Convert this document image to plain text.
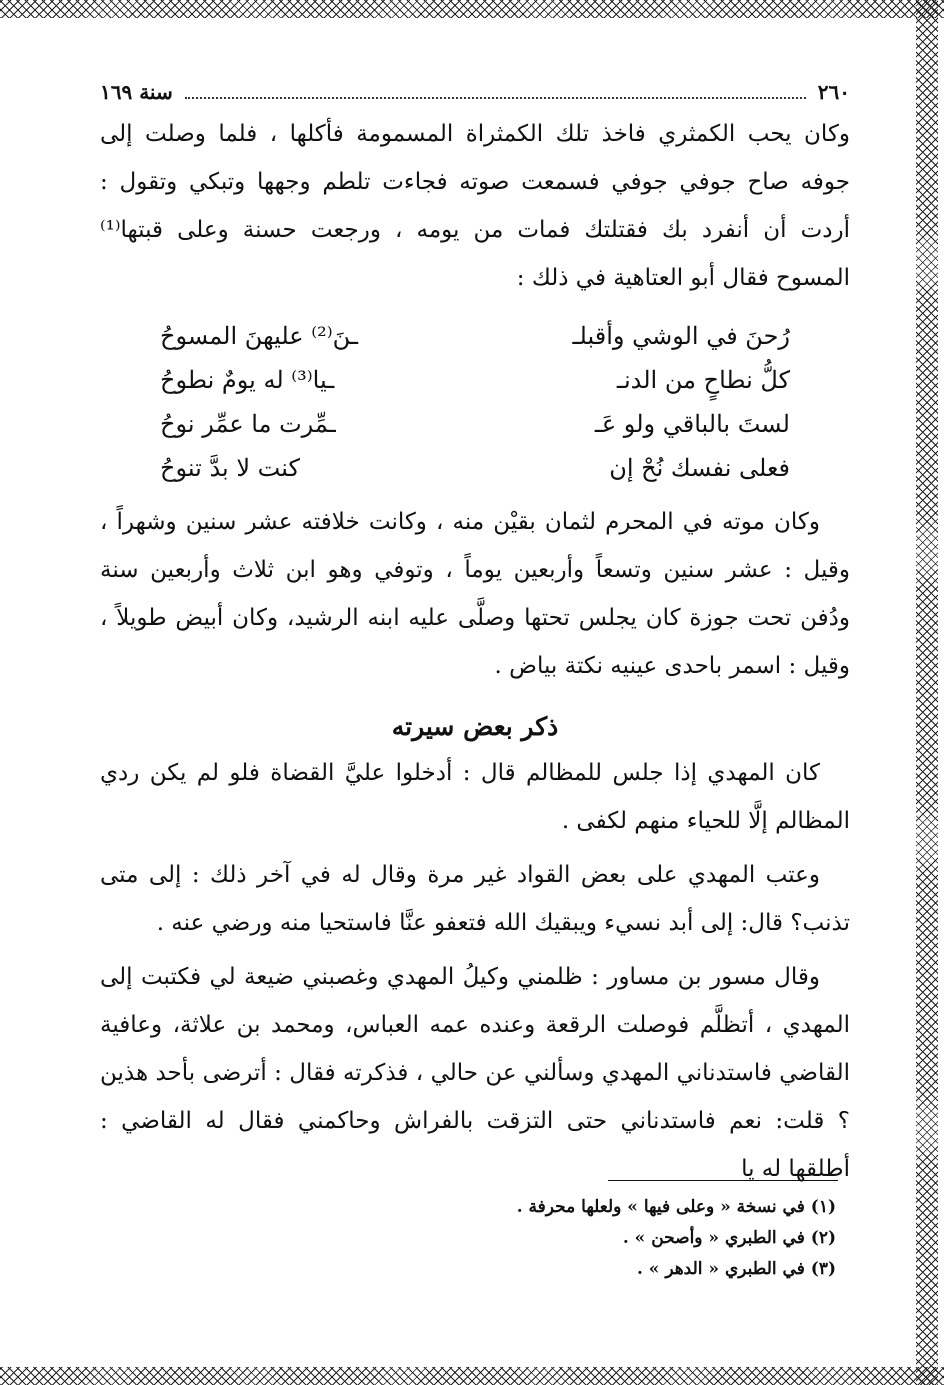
٢٦٠
سنة ١٦٩

وكان يحب الكمثري فاخذ تلك الكمثراة المسمومة فأكلها ، فلما وصلت إلى جوفه صاح جوفي جوفي فسمعت صوته فجاءت تلطم وجهها وتبكي وتقول : أردت أن أنفرد بك فقتلتك فمات من يومه ، ورجعت حسنة وعلى قبتها⁽¹⁾ المسوح فقال أبو العتاهية في ذلك :

رُحنَ في الوشي وأقبلـ
ـنَ⁽²⁾ عليهنَ المسوحُ
كلُّ نطاحٍ من الدنـ
ـيا⁽³⁾ له يومٌ نطوحُ
لستَ بالباقي ولو عَـ
ـمِّرت ما عمِّر نوحُ
فعلى نفسك نُحْ إن
كنت لا بدَّ تنوحُ

وكان موته في المحرم لثمان بقيْن منه ، وكانت خلافته عشر سنين وشهراً ، وقيل : عشر سنين وتسعاً وأربعين يوماً ، وتوفي وهو ابن ثلاث وأربعين سنة ودُفن تحت جوزة كان يجلس تحتها وصلَّى عليه ابنه الرشيد، وكان أبيض طويلاً ، وقيل : اسمر باحدى عينيه نكتة بياض .

ذكر بعض سيرته

كان المهدي إذا جلس للمظالم قال : أدخلوا عليَّ القضاة فلو لم يكن ردي المظالم إلَّا للحياء منهم لكفى .

وعتب المهدي على بعض القواد غير مرة وقال له في آخر ذلك : إلى متى تذنب؟ قال: إلى أبد نسيء ويبقيك الله فتعفو عنَّا فاستحيا منه ورضي عنه .

وقال مسور بن مساور : ظلمني وكيلُ المهدي وغصبني ضيعة لي فكتبت إلى المهدي ، أتظلَّم فوصلت الرقعة وعنده عمه العباس، ومحمد بن علاثة، وعافية القاضي فاستدناني المهدي وسألني عن حالي ، فذكرته فقال : أترضى بأحد هذين ؟ قلت: نعم فاستدناني حتى التزقت بالفراش وحاكمني فقال له القاضي : أطلقها له يا

(١) في نسخة « وعلى فيها » ولعلها محرفة .
(٢) في الطبري « وأصحن » .
(٣) في الطبري « الدهر » .
